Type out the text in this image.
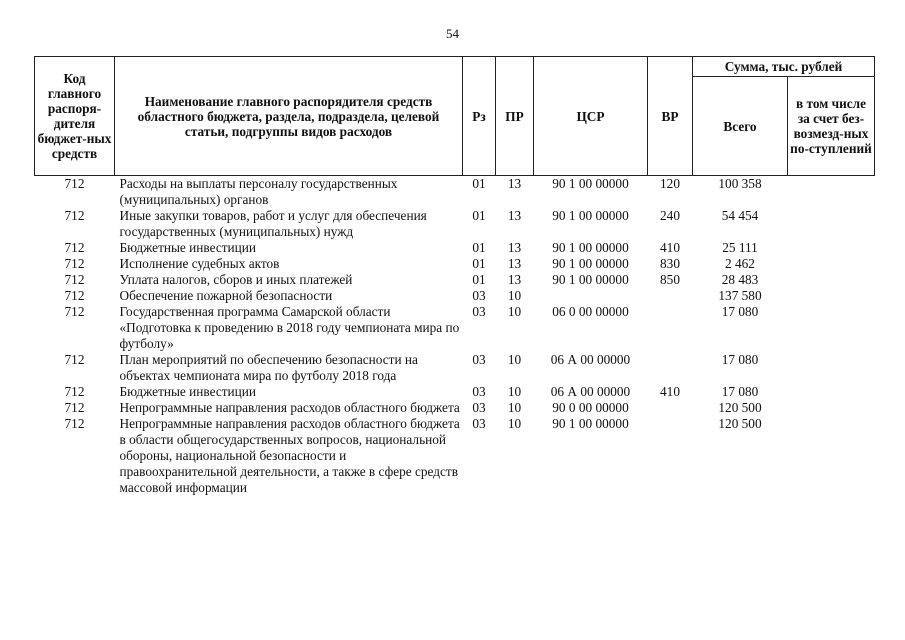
54
Код главного распоря-дителя бюджет-ных средств	Наименование главного распорядителя средств областного бюджета, раздела, подраздела, целевой статьи, подгруппы видов расходов	Рз	ПР	ЦСР	ВР	Сумма, тыс. рублей	
						Всего	в том числе за счет без-возмезд-ных по-ступлений
712	Расходы на выплаты персоналу государственных (муниципальных) органов	01	13	90 1 00 00000	120	100 358	
712	Иные закупки товаров, работ и услуг для обеспечения государственных (муниципальных) нужд	01	13	90 1 00 00000	240	54 454	
712	Бюджетные инвестиции	01	13	90 1 00 00000	410	25 111	
712	Исполнение судебных актов	01	13	90 1 00 00000	830	2 462	
712	Уплата налогов, сборов и иных платежей	01	13	90 1 00 00000	850	28 483	
712	Обеспечение пожарной безопасности	03	10			137 580	
712	Государственная программа Самарской области «Подготовка к проведению в 2018 году чемпионата мира по футболу»	03	10	06 0 00 00000		17 080	
712	План мероприятий по обеспечению безопасности на объектах чемпионата мира по футболу 2018 года	03	10	06 А 00 00000		17 080	
712	Бюджетные инвестиции	03	10	06 А 00 00000	410	17 080	
712	Непрограммные направления расходов областного бюджета	03	10	90 0 00 00000		120 500	
712	Непрограммные направления расходов областного бюджета в области общегосударственных вопросов, национальной обороны, национальной безопасности и правоохранительной деятельности, а также в сфере средств массовой информации	03	10	90 1 00 00000		120 500	
